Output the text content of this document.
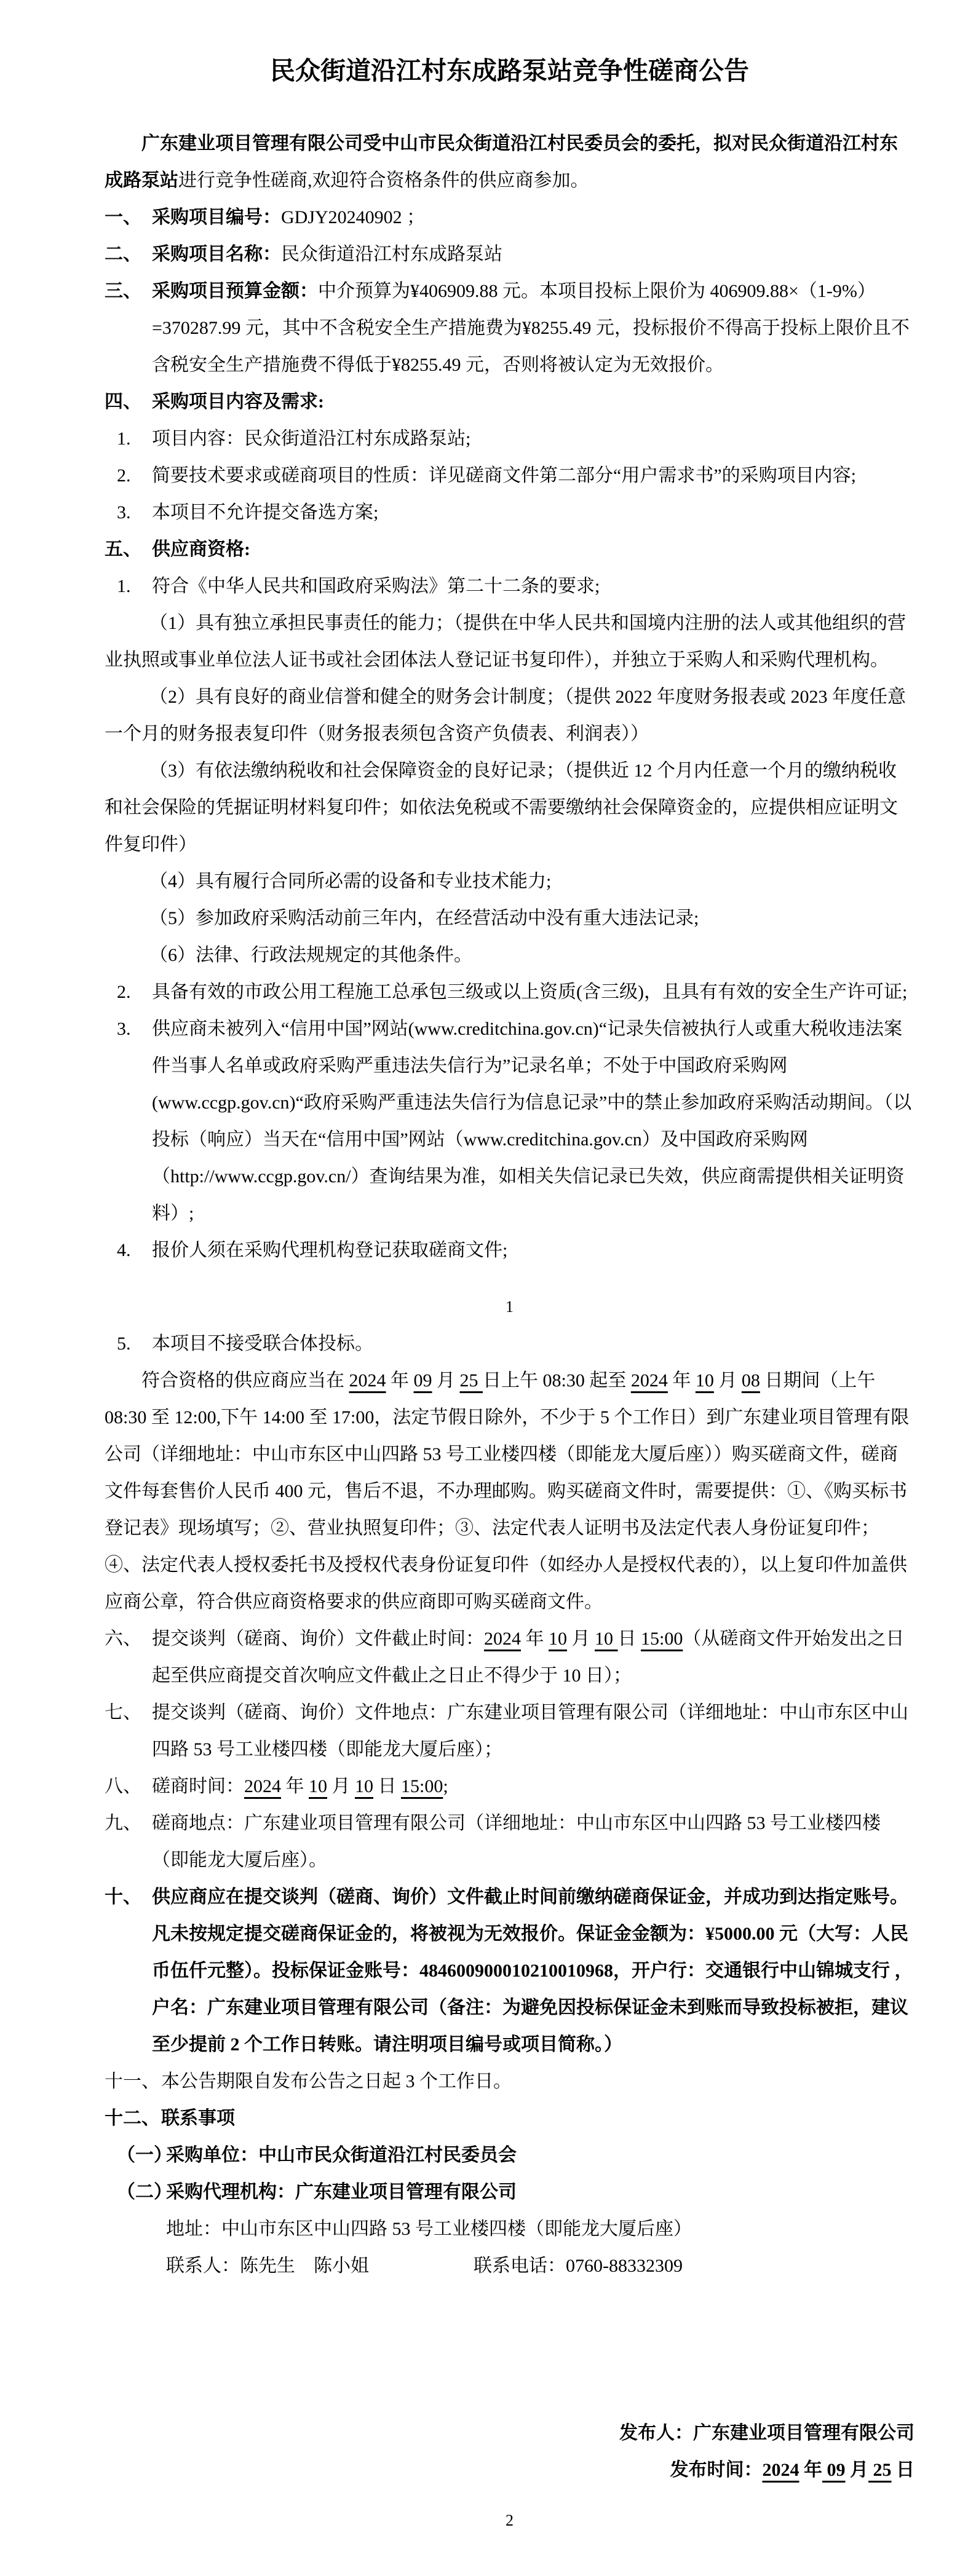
民众街道沿江村东成路泵站竞争性磋商公告
广东建业项目管理有限公司受中山市民众街道沿江村民委员会的委托，拟对民众街道沿江村东成路泵站进行竞争性磋商,欢迎符合资格条件的供应商参加。
一、 采购项目编号：GDJY20240902 ；
二、 采购项目名称：民众街道沿江村东成路泵站
三、 采购项目预算金额：中介预算为¥406909.88 元。本项目投标上限价为 406909.88×（1-9%）=370287.99 元，其中不含税安全生产措施费为¥8255.49 元，投标报价不得高于投标上限价且不含税安全生产措施费不得低于¥8255.49 元，否则将被认定为无效报价。
四、 采购项目内容及需求:
1. 项目内容：民众街道沿江村东成路泵站;
2. 简要技术要求或磋商项目的性质：详见磋商文件第二部分“用户需求书”的采购项目内容;
3. 本项目不允许提交备选方案;
五、 供应商资格:
1. 符合《中华人民共和国政府采购法》第二十二条的要求;
（1）具有独立承担民事责任的能力；（提供在中华人民共和国境内注册的法人或其他组织的营业执照或事业单位法人证书或社会团体法人登记证书复印件），并独立于采购人和采购代理机构。
（2）具有良好的商业信誉和健全的财务会计制度；（提供 2022 年度财务报表或 2023 年度任意一个月的财务报表复印件（财务报表须包含资产负债表、利润表））
（3）有依法缴纳税收和社会保障资金的良好记录；（提供近 12 个月内任意一个月的缴纳税收和社会保险的凭据证明材料复印件；如依法免税或不需要缴纳社会保障资金的，应提供相应证明文件复印件）
（4）具有履行合同所必需的设备和专业技术能力;
（5）参加政府采购活动前三年内，在经营活动中没有重大违法记录;
（6）法律、行政法规规定的其他条件。
2. 具备有效的市政公用工程施工总承包三级或以上资质(含三级)，且具有有效的安全生产许可证;
3. 供应商未被列入“信用中国”网站(www.creditchina.gov.cn)“记录失信被执行人或重大税收违法案件当事人名单或政府采购严重违法失信行为”记录名单；不处于中国政府采购网(www.ccgp.gov.cn)“政府采购严重违法失信行为信息记录”中的禁止参加政府采购活动期间。（以投标（响应）当天在“信用中国”网站（www.creditchina.gov.cn）及中国政府采购网（http://www.ccgp.gov.cn/）查询结果为准，如相关失信记录已失效，供应商需提供相关证明资料）;
4. 报价人须在采购代理机构登记获取磋商文件;
1
5. 本项目不接受联合体投标。
符合资格的供应商应当在 2024 年 09 月 25 日上午 08:30 起至 2024 年 10 月 08 日期间（上午 08:30 至 12:00,下午 14:00 至 17:00，法定节假日除外，不少于 5 个工作日）到广东建业项目管理有限公司（详细地址：中山市东区中山四路 53 号工业楼四楼（即能龙大厦后座））购买磋商文件，磋商文件每套售价人民币 400 元，售后不退，不办理邮购。购买磋商文件时，需要提供：①、《购买标书登记表》现场填写；②、营业执照复印件；③、法定代表人证明书及法定代表人身份证复印件；④、法定代表人授权委托书及授权代表身份证复印件（如经办人是授权代表的），以上复印件加盖供应商公章，符合供应商资格要求的供应商即可购买磋商文件。
六、 提交谈判（磋商、询价）文件截止时间：2024 年 10 月 10 日 15:00（从磋商文件开始发出之日起至供应商提交首次响应文件截止之日止不得少于 10 日）；
七、 提交谈判（磋商、询价）文件地点：广东建业项目管理有限公司（详细地址：中山市东区中山四路 53 号工业楼四楼（即能龙大厦后座）；
八、 磋商时间：2024 年 10 月 10 日 15:00;
九、 磋商地点：广东建业项目管理有限公司（详细地址：中山市东区中山四路 53 号工业楼四楼（即能龙大厦后座）。
十、 供应商应在提交谈判（磋商、询价）文件截止时间前缴纳磋商保证金，并成功到达指定账号。凡未按规定提交磋商保证金的，将被视为无效报价。保证金金额为：¥5000.00 元（大写：人民币伍仟元整）。投标保证金账号：484600900010210010968，开户行：交通银行中山锦城支行 ，户名：广东建业项目管理有限公司（备注：为避免因投标保证金未到账而导致投标被拒，建议至少提前 2 个工作日转账。请注明项目编号或项目简称。）
十一、本公告期限自发布公告之日起 3 个工作日。
十二、联系事项
（一）采购单位：中山市民众街道沿江村民委员会
（二）采购代理机构：广东建业项目管理有限公司
地址：中山市东区中山四路 53 号工业楼四楼（即能龙大厦后座）
联系人：陈先生　陈小姐	联系电话：0760-88332309
发布人：广东建业项目管理有限公司
发布时间：2024 年 09 月 25 日
2
